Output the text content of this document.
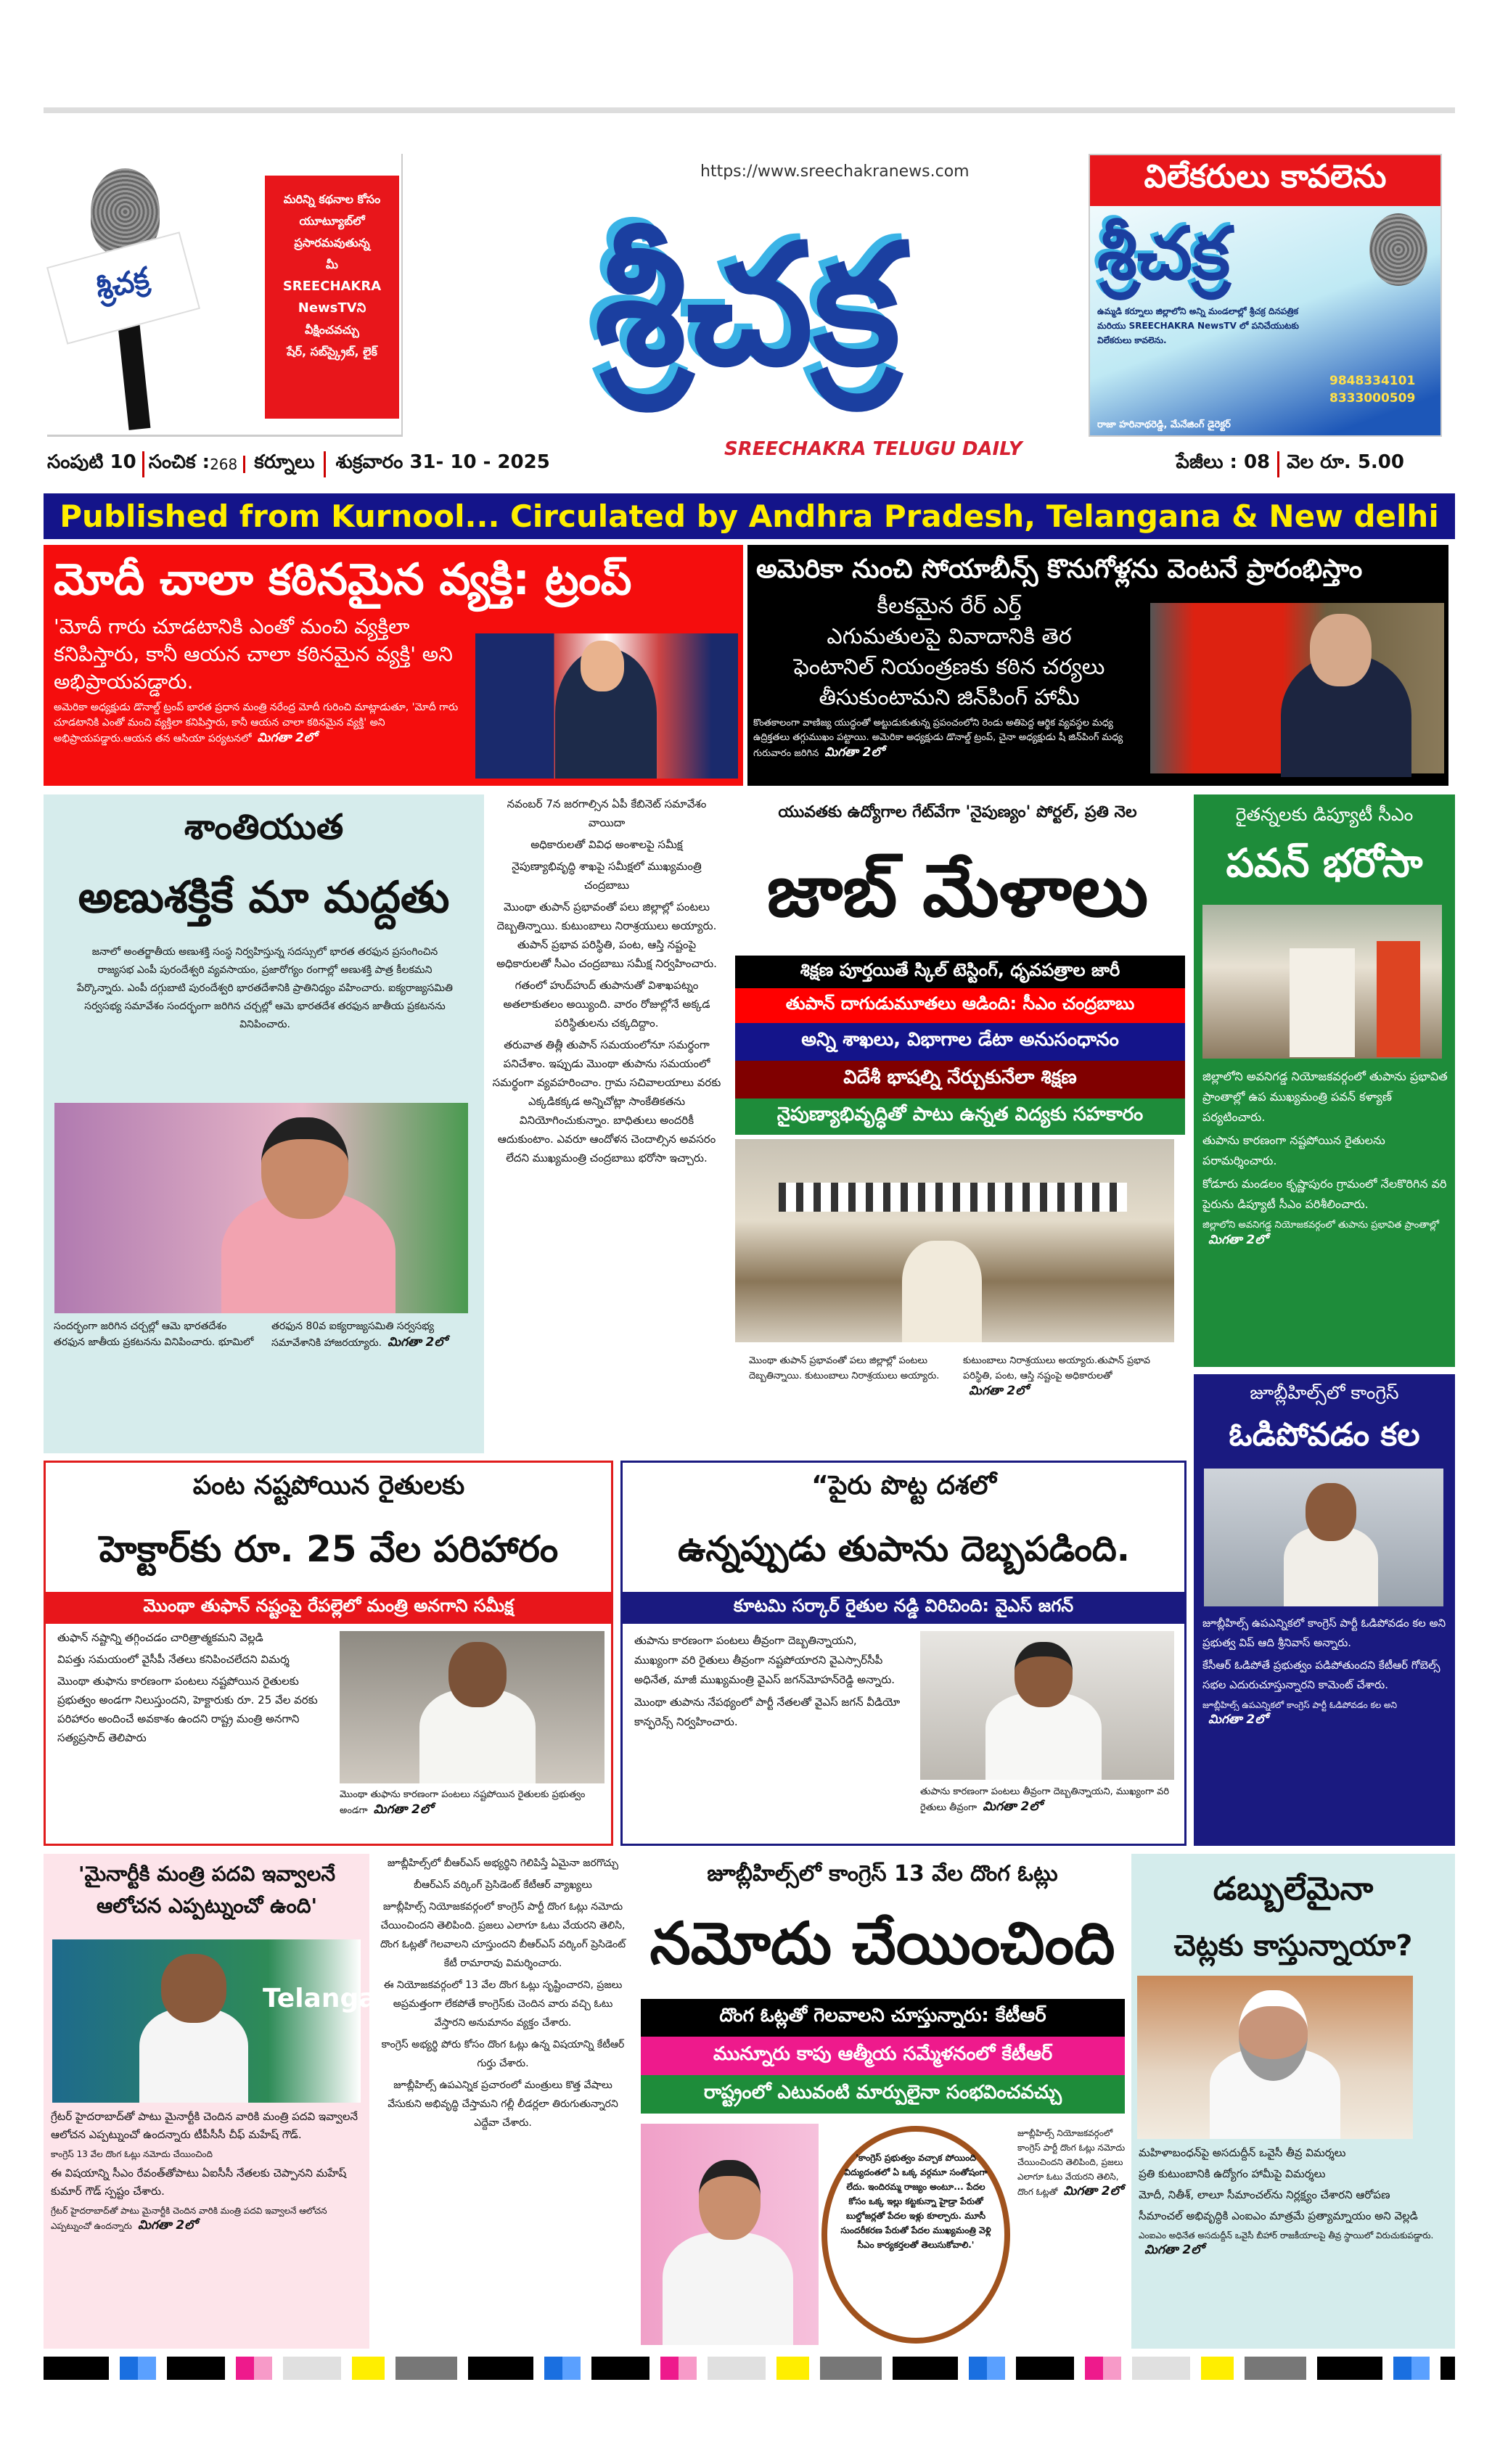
శ్రీచక్ర
మరిన్ని కథనాల కోసం
యూట్యూబ్‌లో
ప్రసారమవుతున్న
మీ
SREECHAKRA
NewsTVని
వీక్షించవచ్చు
షేర్, సబ్‌స్క్రైబ్, లైక్
https://www.sreechakranews.com
శ్రీచక్ర
SREECHAKRA TELUGU DAILY
విలేకరులు కావలెను
శ్రీచక్ర
ఉమ్మడి కర్నూలు జిల్లాలోని అన్ని మండలాల్లో శ్రీచక్ర దినపత్రిక మరియు SREECHAKRA NewsTV లో పనిచేయుటకు విలేకరులు కావలెను.
9848334101
8333000509
రాజా హరినాథరెడ్డి, మేనేజింగ్ డైరెక్టర్
సంపుటి 10 సంచిక : 268 కర్నూలు	శుక్రవారం 31- 10 - 2025	పేజీలు : 08 వెల రూ. 5.00
Published from Kurnool... Circulated by Andhra Pradesh, Telangana & New delhi
మోదీ చాలా కఠినమైన వ్యక్తి: ట్రంప్
'మోదీ గారు చూడటానికి ఎంతో మంచి వ్యక్తిలా కనిపిస్తారు, కానీ ఆయన చాలా కఠినమైన వ్యక్తి' అని అభిప్రాయపడ్డారు.
అమెరికా అధ్యక్షుడు డొనాల్డ్ ట్రంప్ భారత ప్రధాన మంత్రి నరేంద్ర మోదీ గురించి మాట్లాడుతూ, 'మోదీ గారు చూడటానికి ఎంతో మంచి వ్యక్తిలా కనిపిస్తారు, కానీ ఆయన చాలా కఠినమైన వ్యక్తి' అని అభిప్రాయపడ్డారు.ఆయన తన ఆసియా పర్యటనలో మిగతా 2లో
అమెరికా నుంచి సోయాబీన్స్ కొనుగోళ్లను వెంటనే ప్రారంభిస్తాం
కీలకమైన రేర్ ఎర్త్
ఎగుమతులపై వివాదానికి తెర
ఫెంటానిల్ నియంత్రణకు కఠిన చర్యలు
తీసుకుంటామని జిన్‌పింగ్ హామీ
కొంతకాలంగా వాణిజ్య యుద్ధంతో అట్టుడుకుతున్న ప్రపంచంలోని రెండు అతిపెద్ద ఆర్థిక వ్యవస్థల మధ్య ఉద్రిక్తతలు తగ్గుముఖం పట్టాయి. అమెరికా అధ్యక్షుడు డొనాల్డ్ ట్రంప్, చైనా అధ్యక్షుడు షీ జిన్‌పింగ్ మధ్య గురువారం జరిగిన మిగతా 2లో
శాంతియుత
అణుశక్తికే మా మద్దతు
జనాలో అంతర్జాతీయ అణుశక్తి సంస్థ నిర్వహిస్తున్న సదస్సులో భారత తరఫున ప్రసంగించిన రాజ్యసభ ఎంపీ పురందేశ్వరి వ్యవసాయం, ప్రజారోగ్యం రంగాల్లో అణుశక్తి పాత్ర కీలకమని పేర్కొన్నారు. ఎంపీ దగ్గుబాటి పురందేశ్వరి భారతదేశానికి ప్రాతినిధ్యం వహించారు. ఐక్యరాజ్యసమితి సర్వసభ్య సమావేశం సందర్భంగా జరిగిన చర్చల్లో ఆమె భారతదేశ తరఫున జాతీయ ప్రకటనను వినిపించారు.
సందర్భంగా జరిగిన చర్చల్లో ఆమె భారతదేశం తరఫున జాతీయ ప్రకటనను వినిపించారు. భూమిలో తరఫున 80వ ఐక్యరాజ్యసమితి సర్వసభ్య సమావేశానికి హాజరయ్యారు. మిగతా 2లో

నవంబర్ 7న జరగాల్సిన ఏపీ కేబినెట్ సమావేశం వాయిదా

అధికారులతో వివిధ అంశాలపై సమీక్ష

నైపుణ్యాభివృద్ధి శాఖపై సమీక్షలో ముఖ్యమంత్రి చంద్రబాబు

మొంథా తుపాన్ ప్రభావంతో పలు జిల్లాల్లో పంటలు దెబ్బతిన్నాయి. కుటుంబాలు నిరాశ్రయులు అయ్యారు. తుపాన్ ప్రభావ పరిస్థితి, పంట, ఆస్తి నష్టంపై అధికారులతో సీఎం చంద్రబాబు సమీక్ష నిర్వహించారు.

గతంలో హుద్‌హుద్ తుపానుతో విశాఖపట్నం అతలాకుతలం అయ్యింది. వారం రోజుల్లోనే అక్కడ పరిస్థితులను చక్కదిద్దాం.

తరువాత తిత్లీ తుపాన్ సమయంలోనూ సమర్థంగా పనిచేశాం. ఇప్పుడు మొంథా తుపాను సమయంలో సమర్థంగా వ్యవహరించాం. గ్రామ సచివాలయాలు వరకు ఎక్కడికక్కడ అన్నిచోట్లా సాంకేతికతను వినియోగించుకున్నాం. బాధితులు అందరికీ ఆదుకుంటాం. ఎవరూ ఆందోళన చెందాల్సిన అవసరం లేదని ముఖ్యమంత్రి చంద్రబాబు భరోసా ఇచ్చారు.

యువతకు ఉద్యోగాల గేట్‌వేగా 'నైపుణ్యం' పోర్టల్, ప్రతి నెల
జాబ్ మేళాలు
శిక్షణ పూర్తయితే స్కిల్ టెస్టింగ్, ధృవపత్రాల జారీ
తుపాన్ దాగుడుమూతలు ఆడింది: సీఎం చంద్రబాబు
అన్ని శాఖలు, విభాగాల డేటా అనుసంధానం
విదేశీ భాషల్ని నేర్చుకునేలా శిక్షణ
నైపుణ్యాభివృద్ధితో పాటు ఉన్నత విద్యకు సహకారం
మొంథా తుపాన్ ప్రభావంతో పలు జిల్లాల్లో పంటలు దెబ్బతిన్నాయి. కుటుంబాలు నిరాశ్రయులు అయ్యారు.
కుటుంబాలు నిరాశ్రయులు అయ్యారు.తుపాన్ ప్రభావ పరిస్థితి, పంట, ఆస్తి నష్టంపై అధికారులతోమిగతా 2లో
రైతన్నలకు డిప్యూటీ సీఎం
పవన్ భరోసా

జిల్లాలోని అవనిగడ్డ నియోజకవర్గంలో తుపాను ప్రభావిత ప్రాంతాల్లో ఉప ముఖ్యమంత్రి పవన్ కళ్యాణ్ పర్యటించారు.

తుపాను కారణంగా నష్టపోయిన రైతులను పరామర్శించారు.

కోడూరు మండలం కృష్ణాపురం గ్రామంలో నేలకొరిగిన వరి పైరును డిప్యూటీ సీఎం పరిశీలించారు.

జిల్లాలోని అవనిగడ్డ నియోజకవర్గంలో తుపాను ప్రభావిత ప్రాంతాల్లోమిగతా 2లో

జూబ్లీహిల్స్‌లో కాంగ్రెస్
ఓడిపోవడం కల

జూబ్లీహిల్స్ ఉపఎన్నికలో కాంగ్రెస్ పార్టీ ఓడిపోవడం కల అని ప్రభుత్వ విప్ ఆది శ్రీనివాస్ అన్నారు.

కేసీఆర్ ఓడిపోతే ప్రభుత్వం పడిపోతుందని కేటీఆర్ గోబెల్స్ సభల ఎదురుచూస్తున్నారని కామెంట్ చేశారు.

జూబ్లీహిల్స్ ఉపఎన్నికలో కాంగ్రెస్ పార్టీ ఓడిపోవడం కల అనిమిగతా 2లో

పంట నష్టపోయిన రైతులకు
హెక్టార్‌కు రూ. 25 వేల పరిహారం
మొంథా తుఫాన్ నష్టంపై రేపల్లెలో మంత్రి అనగాని సమీక్ష

తుఫాన్ నష్టాన్ని తగ్గించడం చారిత్రాత్మకమని వెల్లడి

విపత్తు సమయంలో వైసీపీ నేతలు కనిపించలేదని విమర్శ

మొంథా తుఫాను కారణంగా పంటలు నష్టపోయిన రైతులకు ప్రభుత్వం అండగా నిలుస్తుందని, హెక్టారుకు రూ. 25 వేల వరకు పరిహారం అందించే అవకాశం ఉందని రాష్ట్ర మంత్రి అనగాని సత్యప్రసాద్ తెలిపారు

మొంథా తుఫాను కారణంగా పంటలు నష్టపోయిన రైతులకు ప్రభుత్వం అండగా మిగతా 2లో
“పైరు పొట్ట దశలో
ఉన్నప్పుడు తుపాను దెబ్బపడింది.
కూటమి సర్కార్ రైతుల నడ్డి విరిచింది: వైఎస్ జగన్

తుపాను కారణంగా పంటలు తీవ్రంగా దెబ్బతిన్నాయని, ముఖ్యంగా వరి రైతులు తీవ్రంగా నష్టపోయారని వైఎస్సార్‌సీపీ అధినేత, మాజీ ముఖ్యమంత్రి వైఎస్ జగన్‌మోహన్‌రెడ్డి అన్నారు.

మొంథా తుపాను నేపథ్యంలో పార్టీ నేతలతో వైఎస్ జగన్ వీడియో కాన్ఫరెన్స్ నిర్వహించారు.

తుపాను కారణంగా పంటలు తీవ్రంగా దెబ్బతిన్నాయని, ముఖ్యంగా వరి రైతులు తీవ్రంగా మిగతా 2లో
'మైనార్టీకి మంత్రి పదవి ఇవ్వాలనే ఆలోచన ఎప్పట్నుంచో ఉంది'
Telangana

గ్రేటర్ హైదరాబాద్‌తో పాటు మైనార్టీకి చెందిన వారికి మంత్రి పదవి ఇవ్వాలనే ఆలోచన ఎప్పట్నుంచో ఉందన్నారు టీపీసీసీ చీఫ్ మహేష్ గౌడ్.

కాంగ్రెస్ 13 వేల దొంగ ఓట్లు నమోదు చేయించింది

ఈ విషయాన్ని సీఎం రేవంత్‌తోపాటు ఏఐసీసీ నేతలకు చెప్పానని మహేష్ కుమార్ గౌడ్ స్పష్టం చేశారు.

గ్రేటర్ హైదరాబాద్‌తో పాటు మైనార్టీకి చెందిన వారికి మంత్రి పదవి ఇవ్వాలనే ఆలోచన ఎప్పట్నుంచో ఉందన్నారు మిగతా 2లో

జూబ్లీహిల్స్‌లో బీఆర్ఎస్ అభ్యర్థిని గెలిపిస్తే ఏమైనా జరగొచ్చు

బీఆర్ఎస్ వర్కింగ్ ప్రెసిడెంట్ కేటీఆర్ వ్యాఖ్యలు

జూబ్లీహిల్స్ నియోజకవర్గంలో కాంగ్రెస్ పార్టీ దొంగ ఓట్లు నమోదు చేయించిందని తెలిపింది. ప్రజలు ఎలాగూ ఓటు వేయరని తెలిసి, దొంగ ఓట్లతో గెలవాలని చూస్తుందని బీఆర్ఎస్ వర్కింగ్ ప్రెసిడెంట్ కేటీ రామారావు విమర్శించారు.

ఈ నియోజకవర్గంలో 13 వేల దొంగ ఓట్లు సృష్టించారని, ప్రజలు అప్రమత్తంగా లేకపోతే కాంగ్రెస్‌కు చెందిన వారు వచ్చి ఓటు వేస్తారని అనుమానం వ్యక్తం చేశారు.

కాంగ్రెస్ అభ్యర్థి పోరు కోసం దొంగ ఓట్లు ఉన్న విషయాన్ని కేటీఆర్ గుర్తు చేశారు.

జూబ్లీహిల్స్ ఉపఎన్నిక ప్రచారంలో మంత్రులు కొత్త వేషాలు వేసుకుని అభివృద్ధి చేస్తామని గల్లీ లీడర్లలా తిరుగుతున్నారని ఎద్దేవా చేశారు.

జూబ్లీహిల్స్‌లో కాంగ్రెస్ 13 వేల దొంగ ఓట్లు
నమోదు చేయించింది
దొంగ ఓట్లతో గెలవాలని చూస్తున్నారు: కేటీఆర్
మున్నూరు కాపు ఆత్మీయ సమ్మేళనంలో కేటీఆర్
రాష్ట్రంలో ఎటువంటి మార్పులైనా సంభవించవచ్చు
'కాంగ్రెస్ ప్రభుత్వం వచ్చాక పోయింది విద్యుదంతలో ఏ ఒక్క వర్గమూ సంతోషంగా లేదు. ఇందిరమ్మ రాజ్యం అంటూ... పేదల కోసం ఒక్క ఇల్లు కట్టకున్నా హైడ్రా పేరుతో బుల్డోజర్లతో పేదల ఇళ్లు కూల్చారు. మూసీ సుందరీకరణ పేరుతో పేదల ముఖ్యమంత్రి వెళ్లి సీఎం కార్యకర్తలతో తెలుసుకోవాలి.'
జూబ్లీహిల్స్ నియోజకవర్గంలో కాంగ్రెస్ పార్టీ దొంగ ఓట్లు నమోదు చేయించిందని తెలిపింది, ప్రజలు ఎలాగూ ఓటు వేయరని తెలిసి, దొంగ ఓట్లతో మిగతా 2లో
డబ్బులేమైనా
చెట్లకు కాస్తున్నాయా?

మహిళాబంధన్‌పై అసదుద్దీన్ ఒవైసీ తీవ్ర విమర్శలు

ప్రతి కుటుంబానికి ఉద్యోగం హామీపై విమర్శలు

మోదీ, నితీశ్, లాలూ సీమాంచల్‌ను నిర్లక్ష్యం చేశారని ఆరోపణ

సీమాంచల్ అభివృద్ధికి ఎంఐఎం మాత్రమే ప్రత్యామ్నాయం అని వెల్లడి

ఎంఐఎం అధినేత అసదుద్దీన్ ఒవైసీ బీహార్ రాజకీయాలపై తీవ్ర స్థాయిలో విరుచుకుపడ్డారు.మిగతా 2లో
